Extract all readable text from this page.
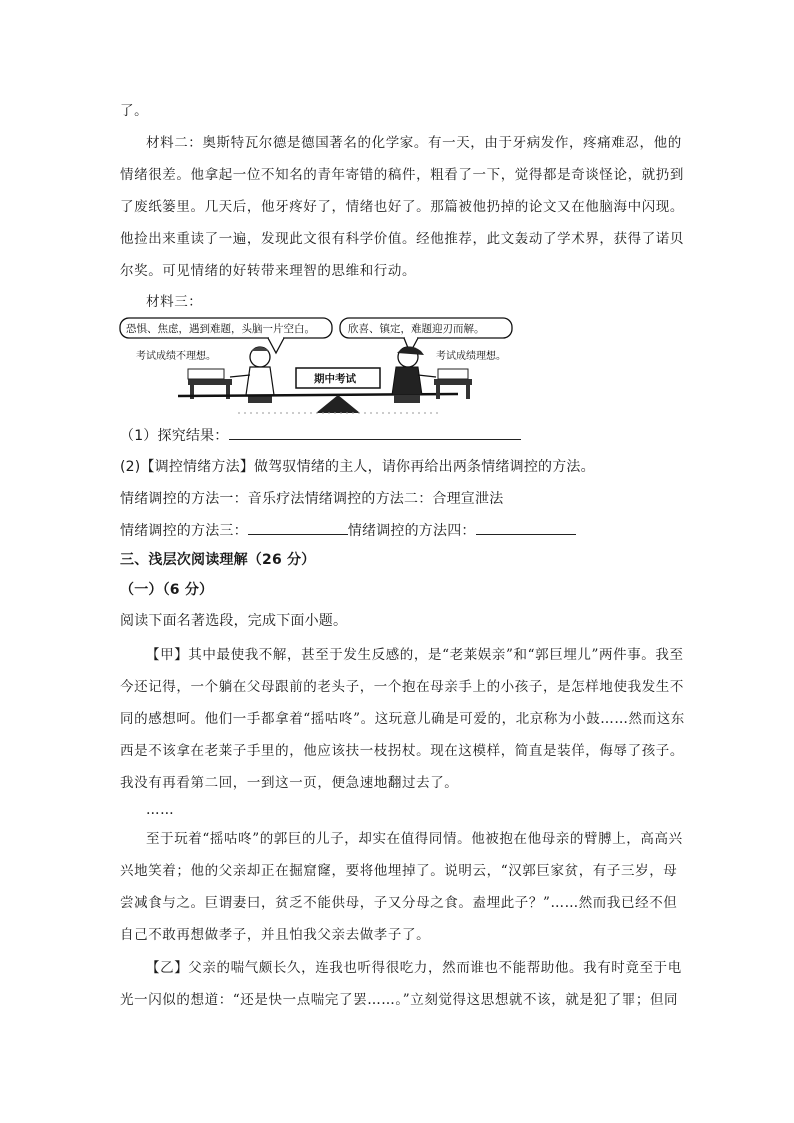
了。
材料二：奥斯特瓦尔德是德国著名的化学家。有一天，由于牙病发作，疼痛难忍，他的
情绪很差。他拿起一位不知名的青年寄错的稿件，粗看了一下，觉得都是奇谈怪论，就扔到
了废纸篓里。几天后，他牙疼好了，情绪也好了。那篇被他扔掉的论文又在他脑海中闪现。
他捡出来重读了一遍，发现此文很有科学价值。经他推荐，此文轰动了学术界，获得了诺贝
尔奖。可见情绪的好转带来理智的思维和行动。
材料三：
恐惧、焦虑，遇到难题，头脑一片空白。	欣喜、镇定，难题迎刃而解。
考试成绩不理想。	考试成绩理想。
期中考试
（1）探究结果：
(2)【调控情绪方法】做驾驭情绪的主人，请你再给出两条情绪调控的方法。
情绪调控的方法一：音乐疗法情绪调控的方法二：合理宣泄法
情绪调控的方法三：	情绪调控的方法四：
三、浅层次阅读理解（26 分）
（一）（6 分）
阅读下面名著选段，完成下面小题。
【甲】其中最使我不解，甚至于发生反感的，是“老莱娱亲”和“郭巨埋儿”两件事。我至
今还记得，一个躺在父母跟前的老头子，一个抱在母亲手上的小孩子，是怎样地使我发生不
同的感想呵。他们一手都拿着“摇咕咚”。这玩意儿确是可爱的，北京称为小鼓……然而这东
西是不该拿在老莱子手里的，他应该扶一枝拐杖。现在这模样，简直是装佯，侮辱了孩子。
我没有再看第二回，一到这一页，便急速地翻过去了。
……
至于玩着“摇咕咚”的郭巨的儿子，却实在值得同情。他被抱在他母亲的臂膊上，高高兴
兴地笑着；他的父亲却正在掘窟窿，要将他埋掉了。说明云，“汉郭巨家贫，有子三岁，母
尝减食与之。巨谓妻曰，贫乏不能供母，子又分母之食。盍埋此子？”……然而我已经不但
自己不敢再想做孝子，并且怕我父亲去做孝子了。
【乙】父亲的喘气颇长久，连我也听得很吃力，然而谁也不能帮助他。我有时竟至于电
光一闪似的想道：“还是快一点喘完了罢……。”立刻觉得这思想就不该，就是犯了罪；但同
